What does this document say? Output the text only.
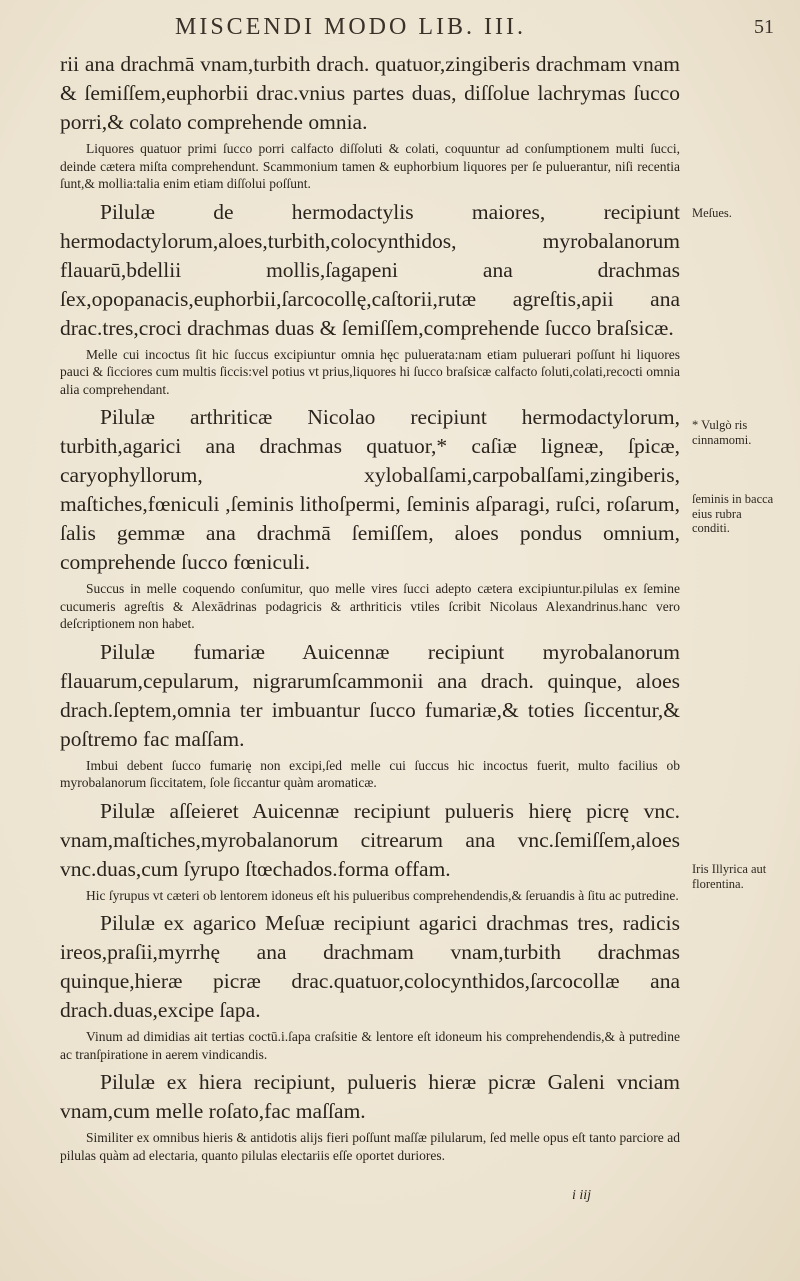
MISCENDI MODO LIB. III.	51

rii ana drachmā vnam,turbith drach. quatuor,zingiberis drachmam vnam & ſemiſſem,euphorbii drac.vnius partes duas, diſſolue lachrymas ſucco porri,& colato comprehende omnia.

Liquores quatuor primi ſucco porri calfacto diſſoluti & colati, coquuntur ad conſumptionem multi ſucci, deinde cætera miſta comprehendunt. Scammonium tamen & euphorbium liquores per ſe puluerantur, niſi recentia ſunt,& mollia:talia enim etiam diſſolui poſſunt.

Pilulæ de hermodactylis maiores, recipiunt hermodactylorum,aloes,turbith,colocynthidos, myrobalanorum flauarū,bdellii mollis,ſagapeni ana drachmas ſex,opopanacis,euphorbii,ſarcocollę,caſtorii,rutæ agreſtis,apii ana drac.tres,croci drachmas duas & ſemiſſem,comprehende ſucco braſsicæ.

Melle cui incoctus ſit hic ſuccus excipiuntur omnia hęc puluerata:nam etiam puluerari poſſunt hi liquores pauci & ſicciores cum multis ſiccis:vel potius vt prius,liquores hi ſucco braſsicæ calfacto ſoluti,colati,recocti omnia alia comprehendant.

Pilulæ arthriticæ Nicolao recipiunt hermodactylorum, turbith,agarici ana drachmas quatuor,* caſiæ ligneæ, ſpicæ, caryophyllorum, xylobalſami,carpobalſami,zingiberis, maſtiches,fœniculi ,ſeminis lithoſpermi, ſeminis aſparagi, ruſci, roſarum, ſalis gemmæ ana drachmā ſemiſſem, aloes pondus omnium, comprehende ſucco fœniculi.

Succus in melle coquendo conſumitur, quo melle vires ſucci adepto cætera excipiuntur.pilulas ex ſemine cucumeris agreſtis & Alexādrinas podagricis & arthriticis vtiles ſcribit Nicolaus Alexandrinus.hanc vero deſcriptionem non habet.

Pilulæ fumariæ Auicennæ recipiunt myrobalanorum flauarum,cepularum, nigrarumſcammonii ana drach. quinque, aloes drach.ſeptem,omnia ter imbuantur ſucco fumariæ,& toties ſiccentur,& poſtremo fac maſſam.

Imbui debent ſucco fumarię non excipi,ſed melle cui ſuccus hic incoctus fuerit, multo facilius ob myrobalanorum ſiccitatem, ſole ſiccantur quàm aromaticæ.

Pilulæ aſſeieret Auicennæ recipiunt pulueris hierę picrę vnc. vnam,maſtiches,myrobalanorum citrearum ana vnc.ſemiſſem,aloes vnc.duas,cum ſyrupo ſtœchados.forma offam.

Hic ſyrupus vt cæteri ob lentorem idoneus eſt his pulueribus comprehendendis,& ſeruandis à ſitu ac putredine.

Pilulæ ex agarico Meſuæ recipiunt agarici drachmas tres, radicis ireos,praſii,myrrhę ana drachmam vnam,turbith drachmas quinque,hieræ picræ drac.quatuor,colocynthidos,ſarcocollæ ana drach.duas,excipe ſapa.

Vinum ad dimidias ait tertias coctū.i.ſapa craſsitie & lentore eſt idoneum his comprehendendis,& à putredine ac tranſpiratione in aerem vindicandis.

Pilulæ ex hiera recipiunt, pulueris hieræ picræ Galeni vnciam vnam,cum melle roſato,fac maſſam.

Similiter ex omnibus hieris & antidotis alijs fieri poſſunt maſſæ pilularum, ſed melle opus eſt tanto parciore ad pilulas quàm ad electaria, quanto pilulas electariis eſſe oportet duriores.

Meſues.
* Vulgò ris cinnamomi.
ſeminis in bacca eius rubra conditi.
Iris Illyrica aut florentina.
i iij
